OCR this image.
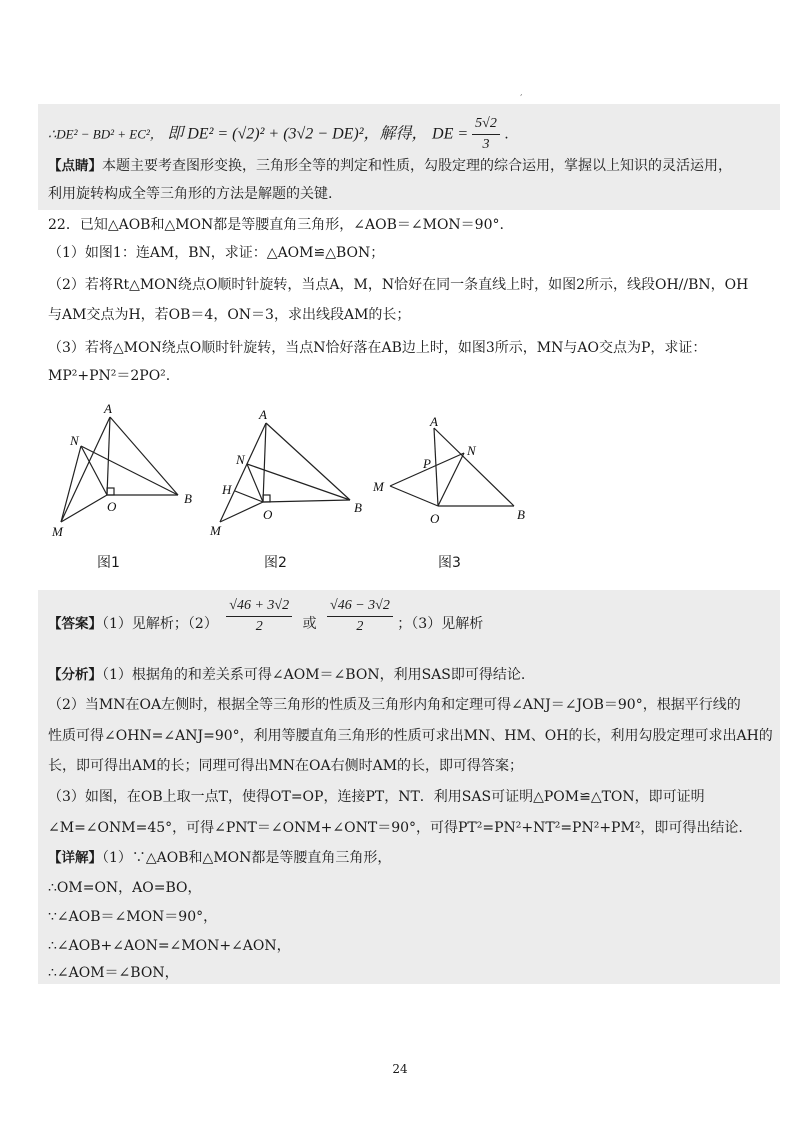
,
∴DE² − BD² + EC²， 即 DE² = (√2)² + (3√2 − DE)²，解得， DE = $\frac{5√2}{3}$ .
【点睛】本题主要考查图形变换，三角形全等的判定和性质，勾股定理的综合运用，掌握以上知识的灵活运用，
利用旋转构成全等三角形的方法是解题的关键.
22．已知△AOB和△MON都是等腰直角三角形，∠AOB＝∠MON＝90°.
（1）如图1：连AM，BN，求证：△AOM≌△BON；
（2）若将Rt△MON绕点O顺时针旋转，当点A，M，N恰好在同一条直线上时，如图2所示，线段OH//BN，OH
与AM交点为H，若OB＝4，ON＝3，求出线段AM的长；
（3）若将△MON绕点O顺时针旋转，当点N恰好落在AB边上时，如图3所示，MN与AO交点为P，求证：
MP²+PN²＝2PO².
A
N
O
B
M
图1
A
N
H
O	B
M
图2
A
N
P
M
O	B
图3
【答案】（1）见解析；$(2) \frac{√46 + 3√2}{2}$ 或 $\frac{√46 - 3√2}{2}$ ；（3）见解析
【分析】（1）根据角的和差关系可得∠AOM＝∠BON，利用SAS即可得结论.
（2）当MN在OA左侧时，根据全等三角形的性质及三角形内角和定理可得∠ANJ＝∠JOB＝90°，根据平行线的
性质可得∠OHN=∠ANJ=90°，利用等腰直角三角形的性质可求出MN、HM、OH的长，利用勾股定理可求出AH的
长，即可得出AM的长；同理可得出MN在OA右侧时AM的长，即可得答案；
（3）如图，在OB上取一点T，使得OT=OP，连接PT，NT．利用SAS可证明△POM≌△TON，即可证明
∠M=∠ONM=45°，可得∠PNT＝∠ONM+∠ONT＝90°，可得PT²=PN²+NT²=PN²+PM²，即可得出结论.
【详解】（1）∵△AOB和△MON都是等腰直角三角形，
∴OM=ON，AO=BO，
∵∠AOB＝∠MON＝90°，
∴∠AOB+∠AON=∠MON+∠AON，
∴∠AOM＝∠BON，
24
